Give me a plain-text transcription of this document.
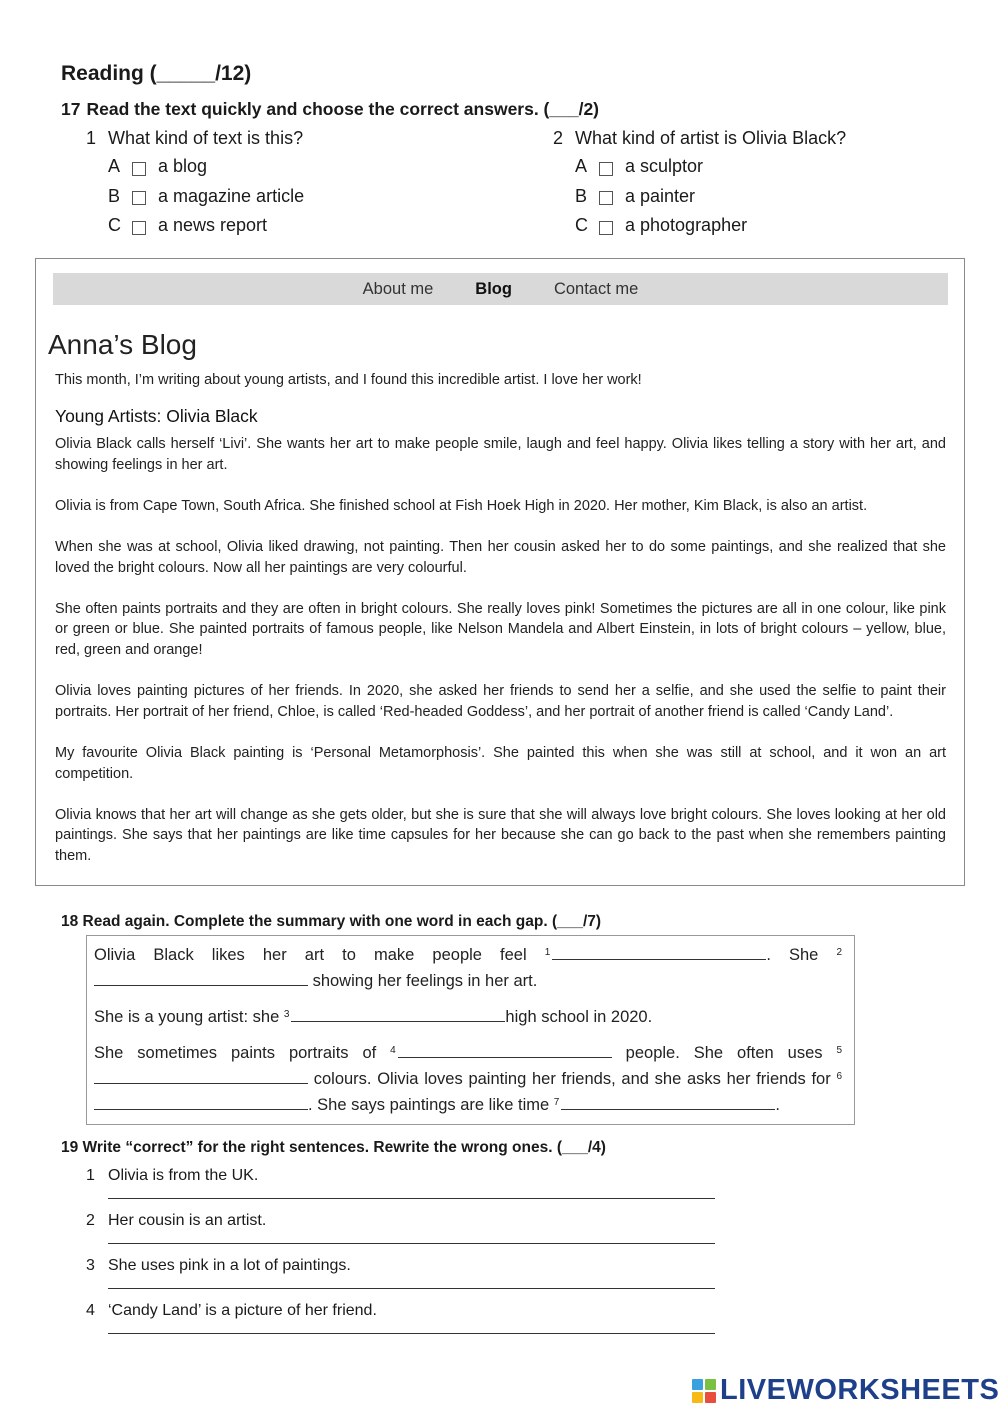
Reading (_____/12)
17 Read the text quickly and choose the correct answers. (___/2)
1 What kind of text is this?
A	a blog
B	a magazine article
C	a news report
2 What kind of artist is Olivia Black?
A	a sculptor
B	a painter
C	a photographer
About me	Blog	Contact me
Anna’s Blog
This month, I’m writing about young artists, and I found this incredible artist. I love her work!
Young Artists: Olivia Black

Olivia Black calls herself ‘Livi’. She wants her art to make people smile, laugh and feel happy. Olivia likes telling a story with her art, and showing feelings in her art.

Olivia is from Cape Town, South Africa. She finished school at Fish Hoek High in 2020. Her mother, Kim Black, is also an artist.

When she was at school, Olivia liked drawing, not painting. Then her cousin asked her to do some paintings, and she realized that she loved the bright colours. Now all her paintings are very colourful.

She often paints portraits and they are often in bright colours. She really loves pink! Sometimes the pictures are all in one colour, like pink or green or blue. She painted portraits of famous people, like Nelson Mandela and Albert Einstein, in lots of bright colours – yellow, blue, red, green and orange!

Olivia loves painting pictures of her friends. In 2020, she asked her friends to send her a selfie, and she used the selfie to paint their portraits. Her portrait of her friend, Chloe, is called ‘Red-headed Goddess’, and her portrait of another friend is called ‘Candy Land’.

My favourite Olivia Black painting is ‘Personal Metamorphosis’. She painted this when she was still at school, and it won an art competition.

Olivia knows that her art will change as she gets older, but she is sure that she will always love bright colours. She loves looking at her old paintings. She says that her paintings are like time capsules for her because she can go back to the past when she remembers painting them.

18 Read again. Complete the summary with one word in each gap. (___/7)
Olivia Black likes her art to make people feel $^1$	. She $^2$ showing her feelings in her art.
She is a young artist: she $^3$	high school in 2020.
She sometimes paints portraits of $^4$	people. She often uses $^5$ colours. Olivia loves painting her friends, and she asks her friends for $^6$. She says paintings are like time $^7$	.
19 Write “correct” for the right sentences. Rewrite the wrong ones. (___/4)
1 Olivia is from the UK.
2 Her cousin is an artist.
3 She uses pink in a lot of paintings.
4 ‘Candy Land’ is a picture of her friend.
LIVEWORKSHEETS
